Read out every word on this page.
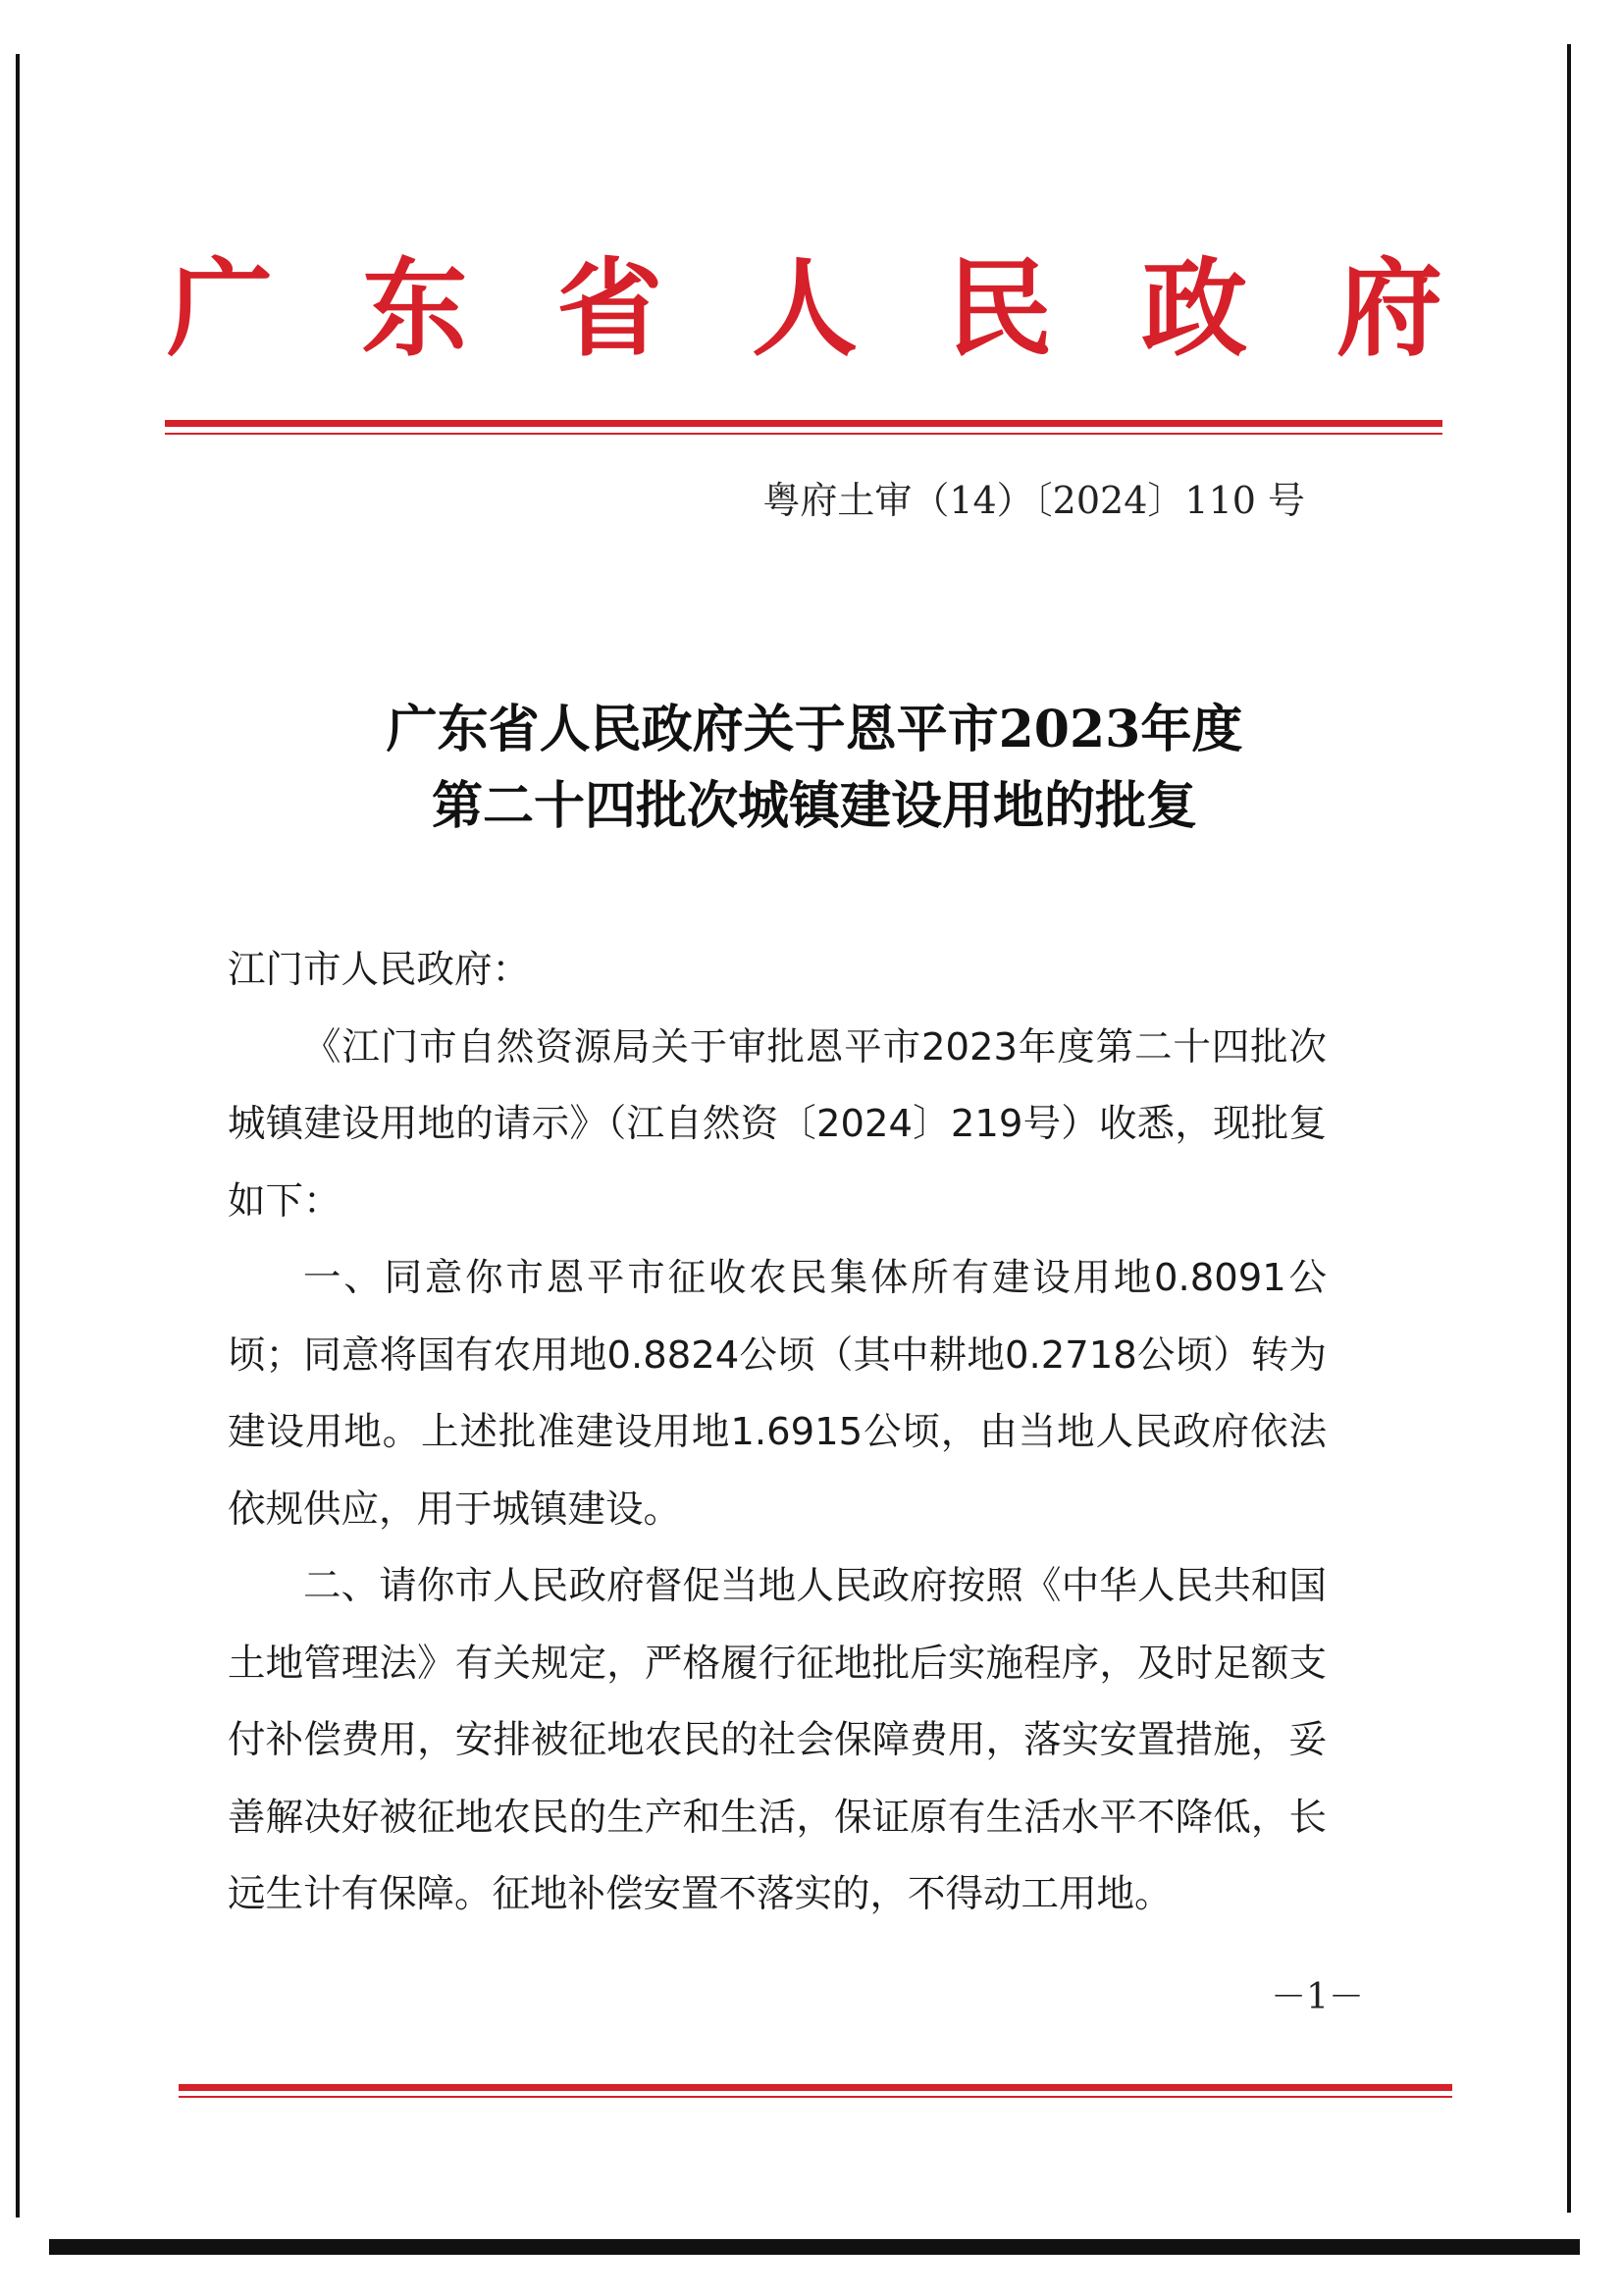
广 东 省 人 民 政 府
粤府土审（14）〔2024〕110 号
广东省人民政府关于恩平市2023年度
第二十四批次城镇建设用地的批复

江门市人民政府：

《江门市自然资源局关于审批恩平市2023年度第二十四批次城镇建设用地的请示》（江自然资〔2024〕219号）收悉，现批复如下：

一、同意你市恩平市征收农民集体所有建设用地0.8091公顷；同意将国有农用地0.8824公顷（其中耕地0.2718公顷）转为建设用地。上述批准建设用地1.6915公顷，由当地人民政府依法依规供应，用于城镇建设。

二、请你市人民政府督促当地人民政府按照《中华人民共和国土地管理法》有关规定，严格履行征地批后实施程序，及时足额支付补偿费用，安排被征地农民的社会保障费用，落实安置措施，妥善解决好被征地农民的生产和生活，保证原有生活水平不降低，长远生计有保障。征地补偿安置不落实的，不得动工用地。

－1－
